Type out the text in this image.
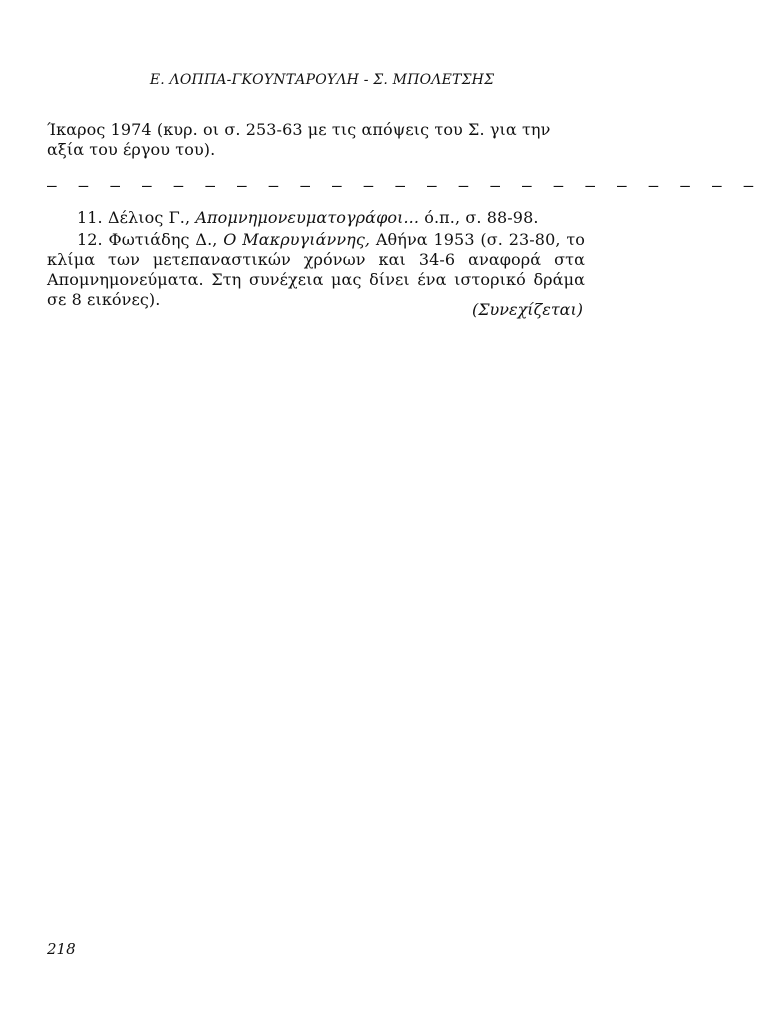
Ε. ΛΟΠΠΑ-ΓΚΟΥΝΤΑΡΟΥΛΗ - Σ. ΜΠΟΛΕΤΣΗΣ
Ίκαρος 1974 (κυρ. οι σ. 253-63 με τις απόψεις του Σ. για την αξία του έργου του).
— — — — — — — — — — — — — — — — — — — — — — —
11. Δέλιος Γ., Απομνημονευματογράφοι... ό.π., σ. 88-98.
12. Φωτιάδης Δ., Ο Μακρυγιάννης, Αθήνα 1953 (σ. 23-80, το κλίμα των μετεπαναστικών χρόνων και 34-6 αναφορά στα Απομνημονεύματα. Στη συνέχεια μας δίνει ένα ιστορικό δράμα σε 8 εικόνες).
(Συνεχίζεται)
218
